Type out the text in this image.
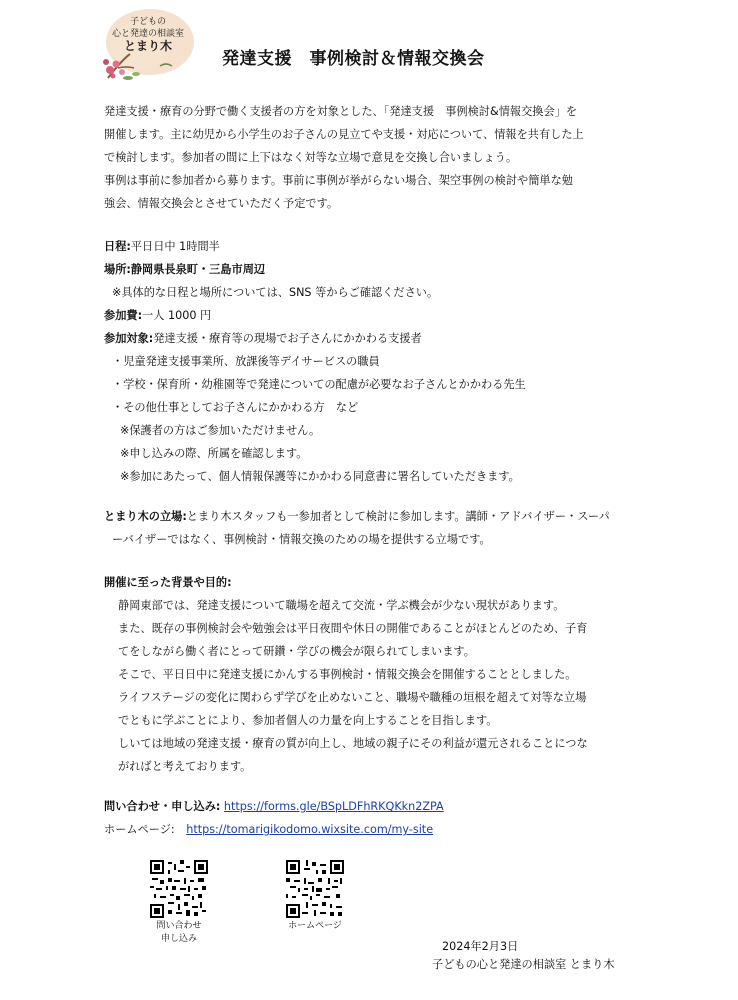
子どもの
心と発達の相談室
とまり木
発達支援　事例検討＆情報交換会
発達支援・療育の分野で働く支援者の方を対象とした、「発達支援　事例検討&情報交換会」を
開催します。主に幼児から小学生のお子さんの見立てや支援・対応について、情報を共有した上
で検討します。参加者の間に上下はなく対等な立場で意見を交換し合いましょう。
事例は事前に参加者から募ります。事前に事例が挙がらない場合、架空事例の検討や簡単な勉
強会、情報交換会とさせていただく予定です。
日程:平日日中 1時間半
場所:静岡県長泉町・三島市周辺
※具体的な日程と場所については、SNS 等からご確認ください。
参加費:一人 1000 円
参加対象:発達支援・療育等の現場でお子さんにかかわる支援者
・児童発達支援事業所、放課後等デイサービスの職員
・学校・保育所・幼稚園等で発達についての配慮が必要なお子さんとかかわる先生
・その他仕事としてお子さんにかかわる方　など
※保護者の方はご参加いただけません。
※申し込みの際、所属を確認します。
※参加にあたって、個人情報保護等にかかわる同意書に署名していただきます。
とまり木の立場:とまり木スタッフも一参加者として検討に参加します。講師・アドバイザー・スーパ
ーバイザーではなく、事例検討・情報交換のための場を提供する立場です。
開催に至った背景や目的:
静岡東部では、発達支援について職場を超えて交流・学ぶ機会が少ない現状があります。
また、既存の事例検討会や勉強会は平日夜間や休日の開催であることがほとんどのため、子育
てをしながら働く者にとって研鑽・学びの機会が限られてしまいます。
そこで、平日日中に発達支援にかんする事例検討・情報交換会を開催することとしました。
ライフステージの変化に関わらず学びを止めないこと、職場や職種の垣根を超えて対等な立場
でともに学ぶことにより、参加者個人の力量を向上することを目指します。
しいては地域の発達支援・療育の質が向上し、地域の親子にその利益が還元されることにつな
がればと考えております。
問い合わせ・申し込み: https://forms.gle/BSpLDFhRKQKkn2ZPA
ホームページ: https://tomarigikodomo.wixsite.com/my-site
問い合わせ
申し込み
ホームページ
2024年2月3日
子どもの心と発達の相談室 とまり木
